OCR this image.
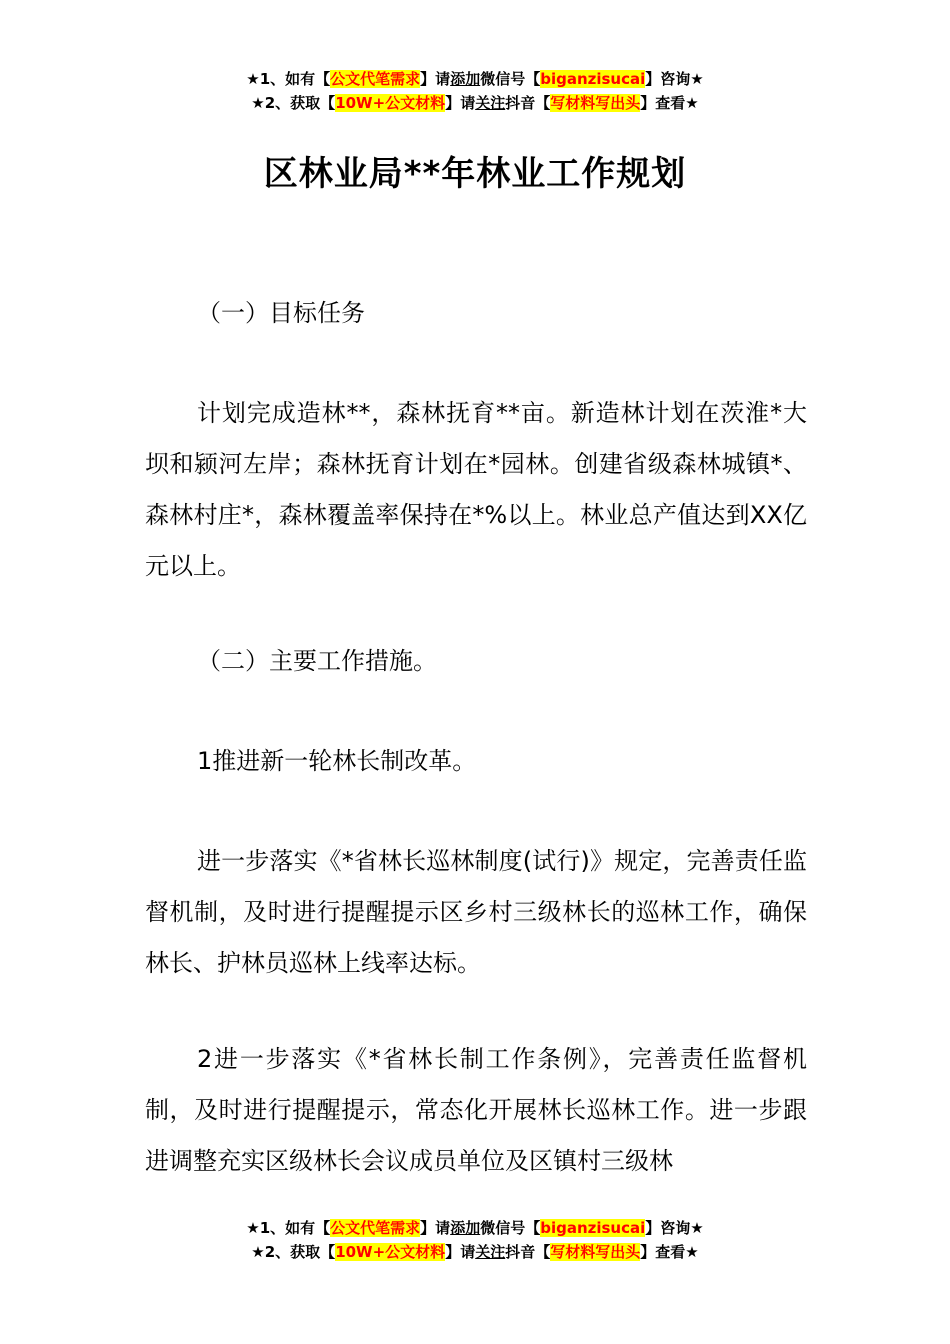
★1、如有【公文代笔需求】请添加微信号【biganzisucai】咨询★
★2、获取【10W+公文材料】请关注抖音【写材料写出头】查看★
区林业局**年林业工作规划

（一）目标任务

计划完成造林**，森林抚育**亩。新造林计划在茨淮*大坝和颍河左岸；森林抚育计划在*园林。创建省级森林城镇*、森林村庄*，森林覆盖率保持在*%以上。林业总产值达到XX亿元以上。

（二）主要工作措施。

1推进新一轮林长制改革。

进一步落实《*省林长巡林制度(试行)》规定，完善责任监督机制，及时进行提醒提示区乡村三级林长的巡林工作，确保林长、护林员巡林上线率达标。

2进一步落实《*省林长制工作条例》，完善责任监督机制，及时进行提醒提示，常态化开展林长巡林工作。进一步跟进调整充实区级林长会议成员单位及区镇村三级林

★1、如有【公文代笔需求】请添加微信号【biganzisucai】咨询★
★2、获取【10W+公文材料】请关注抖音【写材料写出头】查看★
